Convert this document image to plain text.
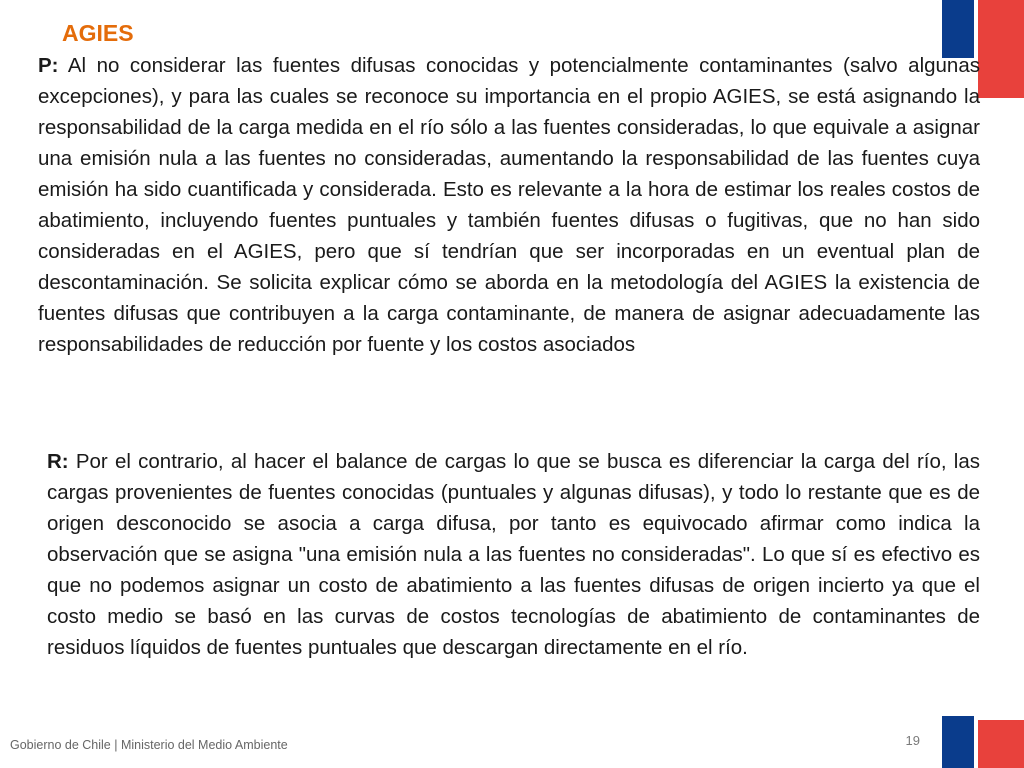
AGIES

P: Al no considerar las fuentes difusas conocidas y potencialmente contaminantes (salvo algunas excepciones), y para las cuales se reconoce su importancia en el propio AGIES, se está asignando la responsabilidad de la carga medida en el río sólo a las fuentes consideradas, lo que equivale a asignar una emisión nula a las fuentes no consideradas, aumentando la responsabilidad de las fuentes cuya emisión ha sido cuantificada y considerada. Esto es relevante a la hora de estimar los reales costos de abatimiento, incluyendo fuentes puntuales y también fuentes difusas o fugitivas, que no han sido consideradas en el AGIES, pero que sí tendrían que ser incorporadas en un eventual plan de descontaminación. Se solicita explicar cómo se aborda en la metodología del AGIES la existencia de fuentes difusas que contribuyen a la carga contaminante, de manera de asignar adecuadamente las responsabilidades de reducción por fuente y los costos asociados

R: Por el contrario, al hacer el balance de cargas lo que se busca es diferenciar la carga del río, las cargas provenientes de fuentes conocidas (puntuales y algunas difusas), y todo lo restante que es de origen desconocido se asocia a carga difusa, por tanto es equivocado afirmar como indica la observación que se asigna "una emisión nula a las fuentes no consideradas". Lo que sí es efectivo es que no podemos asignar un costo de abatimiento a las fuentes difusas de origen incierto ya que el costo medio se basó en las curvas de costos tecnologías de abatimiento de contaminantes de residuos líquidos de fuentes puntuales que descargan directamente en el río.

Gobierno de Chile | Ministerio del Medio Ambiente	19
